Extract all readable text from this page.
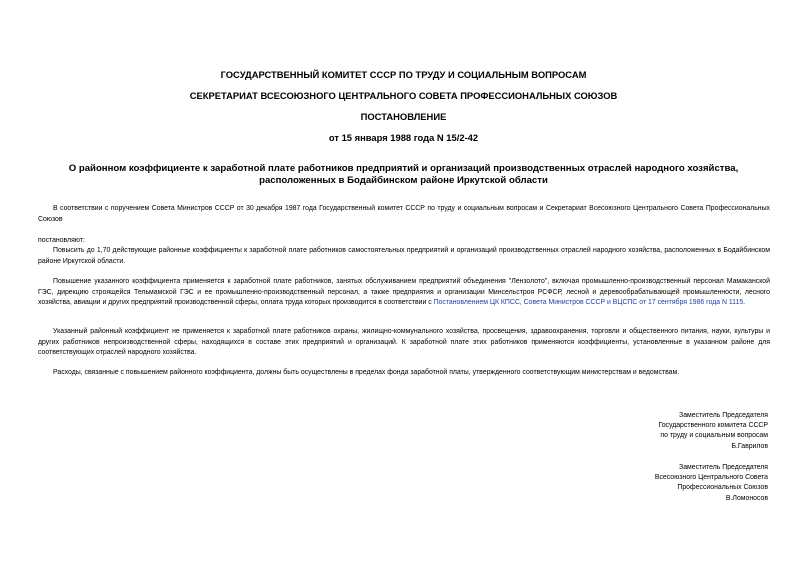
ГОСУДАРСТВЕННЫЙ КОМИТЕТ СССР ПО ТРУДУ И СОЦИАЛЬНЫМ ВОПРОСАМ
СЕКРЕТАРИАТ ВСЕСОЮЗНОГО ЦЕНТРАЛЬНОГО СОВЕТА ПРОФЕССИОНАЛЬНЫХ СОЮЗОВ
ПОСТАНОВЛЕНИЕ
от 15 января 1988 года N 15/2-42
О районном коэффициенте к заработной плате работников предприятий и организаций производственных отраслей народного хозяйства, расположенных в Бодайбинском районе Иркутской области
В соответствии с поручением Совета Министров СССР от 30 декабря 1987 года Государственный комитет СССР по труду и социальным вопросам и Секретариат Всесоюзного Центрального Совета Профессиональных Союзов
постановляют:
Повысить до 1,70 действующие районные коэффициенты к заработной плате работников самостоятельных предприятий и организаций производственных отраслей народного хозяйства, расположенных в Бодайбинском районе Иркутской области.
Повышение указанного коэффициента применяется к заработной плате работников, занятых обслуживанием предприятий объединения "Лензолото", включая промышленно-производственный персонал Мамаканской ГЭС, дирекцию строящейся Тельмамской ГЭС и ее промышленно-производственный персонал, а также предприятия и организации Минсельстроя РСФСР, лесной и деревообрабатывающей промышленности, лесного хозяйства, авиации и других предприятий производственной сферы, оплата труда которых производится в соответствии с Постановлением ЦК КПСС, Совета Министров СССР и ВЦСПС от 17 сентября 1986 года N 1115.
Указанный районный коэффициент не применяется к заработной плате работников охраны, жилищно-коммунального хозяйства, просвещения, здравоохранения, торговли и общественного питания, науки, культуры и других работников непроизводственной сферы, находящихся в составе этих предприятий и организаций. К заработной плате этих работников применяются коэффициенты, установленные в указанном районе для соответствующих отраслей народного хозяйства.
Расходы, связанные с повышением районного коэффициента, должны быть осуществлены в пределах фонда заработной платы, утвержденного соответствующим министерствам и ведомствам.
Заместитель Председателя
Государственного комитета СССР
по труду и социальным вопросам
Б.Гаврилов
Заместитель Председателя
Всесоюзного Центрального Совета
Профессиональных Союзов
В.Ломоносов
